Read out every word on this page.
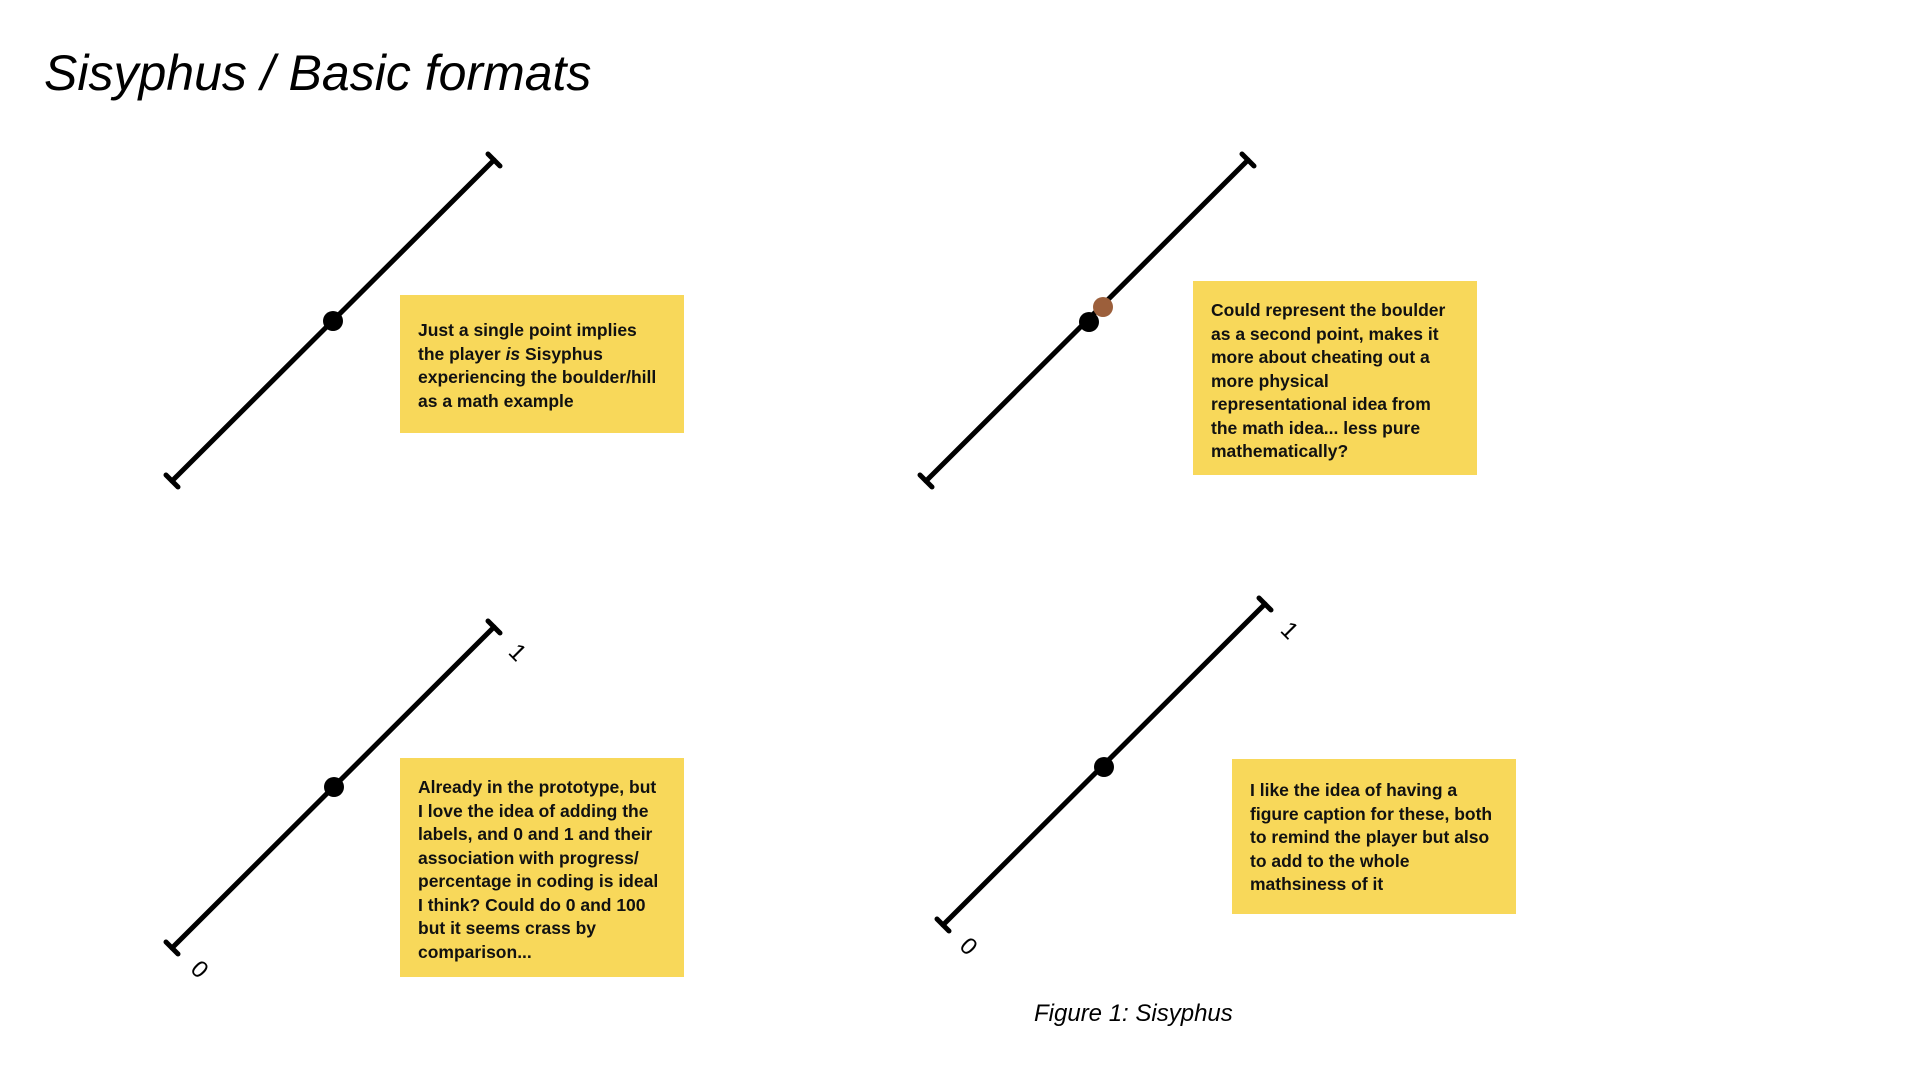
Sisyphus / Basic formats
0
1
0
1
Just a single point implies
the player is Sisyphus
experiencing the boulder/hill
as a math example
Could represent the boulder
as a second point, makes it
more about cheating out a
more physical
representational idea from
the math idea... less pure
mathematically?
Already in the prototype, but
I love the idea of adding the
labels, and 0 and 1 and their
association with progress/
percentage in coding is ideal
I think? Could do 0 and 100
but it seems crass by
comparison...
I like the idea of having a
figure caption for these, both
to remind the player but also
to add to the whole
mathsiness of it
Figure 1: Sisyphus
